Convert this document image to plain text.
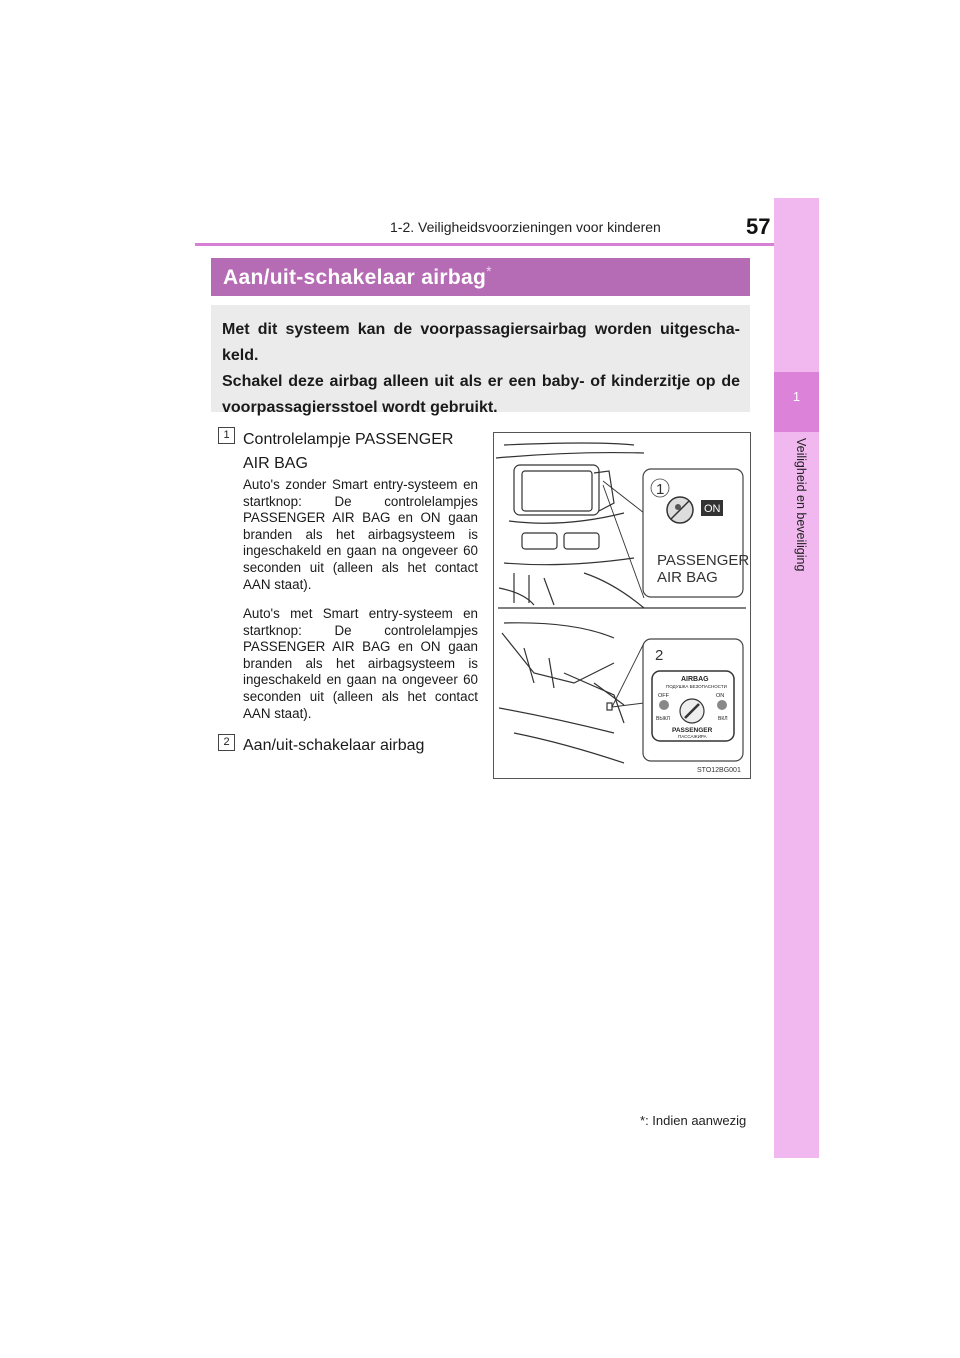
1-2. Veiligheidsvoorzieningen voor kinderen	57
1
Veiligheid en beveiliging
Aan/uit-schakelaar airbag*

Met dit systeem kan de voorpassagiersairbag worden uitgeschakeld.

Schakel deze airbag alleen uit als er een baby- of kinderzitje op de voorpassagiersstoel wordt gebruikt.

1 Controlelampje PASSENGER AIR BAG
Auto's zonder Smart entry-systeem en startknop: De controlelampjes PASSENGER AIR BAG en ON gaan branden als het airbagsysteem is ingeschakeld en gaan na ongeveer 60 seconden uit (alleen als het contact AAN staat).
Auto's met Smart entry-systeem en startknop: De controlelampjes PASSENGER AIR BAG en ON gaan branden als het airbagsysteem is ingeschakeld en gaan na ongeveer 60 seconden uit (alleen als het contact AAN staat).
2 Aan/uit-schakelaar airbag
1
ON
PASSENGER
AIR BAG
2
AIRBAG
ПОДУШКА БЕЗОПАСНОСТИ
OFF	ON
ВЫКЛ	ВКЛ
PASSENGER
ПАССАЖИРА
STO12BG001
*: Indien aanwezig
